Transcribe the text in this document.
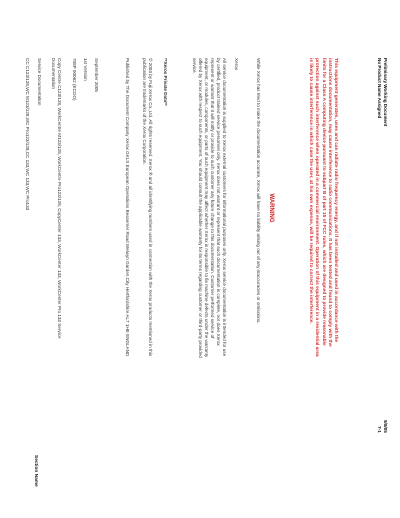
CC C123/128,WC M123/128,WC Pro123/128,CC 133,WC 133,WC Pro133 Service Documentation	Copy Centre C123/128, WorkCentre M123/128, WorkCentre Pro123/128, CopyCenter 133, WorkCenter 133, WorkCenter Pro 133 Service Documentation	708P 00062 (ECOO) 1st Version September 2005	Published by The Document Company Xerox GKLS European Operations Bessemer Road Welwyn Garden City Hertfordshire AL7 1HE ENGLAND	© 2003 by Fuji Xerox Co.,Ltd. All rights reserved. Xerox ® and all identifying numbers used in connection with the Xerox products mentioned in this publication are trademarks of the Xerox Corporation.	**Xerox Private Data**	All service documentation is supplied to Xerox external customers for informational purposes only. Xerox service documentation is intended for use by certified, product trained service personnel only. Xerox does not warrant or represent that such documentation is complete, nor does Xerox represent or warrant that it will notify or provide to such customer any future change to this documentation. Customer performed service of equipment, or modules, components, or parts of such equipment may affect whether Xerox is responsible to fix machine defects under the warranty offered by Xerox with respect to such equipment. You should consult the applicable warranty for its terms regarding customer or third-party provided service.	Xerox	While Xerox has tried to make the documentation accurate, Xerox will have no liability arising out of any inaccuracies or omissions. WARNING	This equipment generates, uses and can radiate radio frequency energy, and if not installed and used in accordance with the instructions documentation, may cause interference to radio communications. It has been tested and found to comply with the limits for a Class A computing device pursuant to subpart B of part 15 of FCC rules, which are designed to provide reasonable protection against such interference when operated in a commercial environment. Operation of this equipment in a residential area is likely to cause interference in which case the user, at his own expense, will be required to correct the interference.	Preliminary Working Document
No Product Name Assigned
9/8/05
7-1
Section Name
